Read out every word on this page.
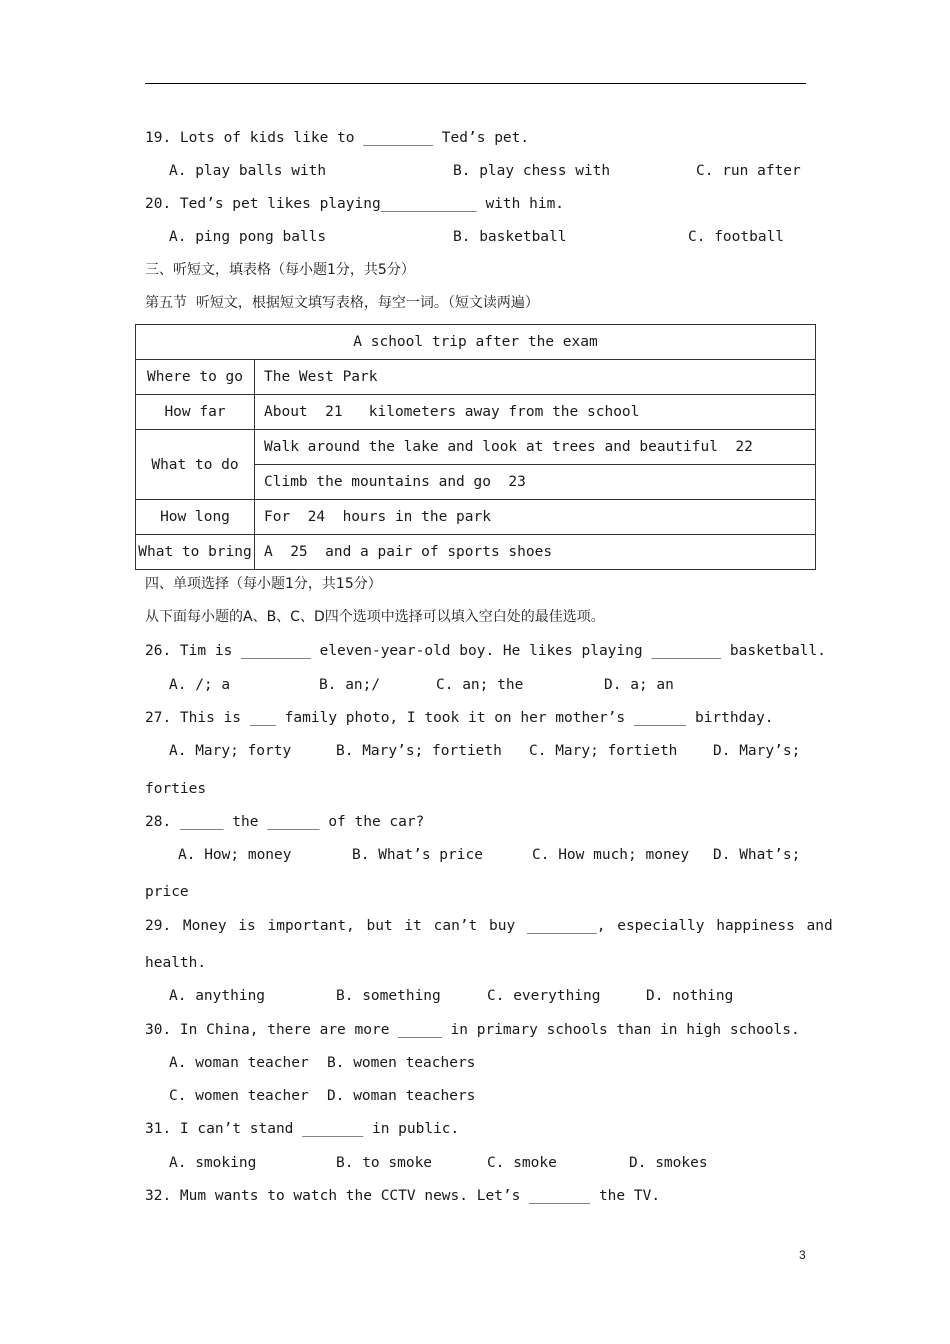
19. Lots of kids like to ________ Ted’s pet.
A. play balls with	B. play chess with	C. run after
20. Ted’s pet likes playing___________ with him.
A. ping pong balls	B. basketball	C. football
三、听短文，填表格（每小题1分，共5分）
第五节  听短文，根据短文填写表格，每空一词。（短文读两遍）
A school trip after the exam	
Where to go	The West Park
How far	About  21   kilometers away from the school
What to do	Walk around the lake and look at trees and beautiful  22
	Climb the mountains and go  23
How long	For  24  hours in the park
What to bring	A  25  and a pair of sports shoes
四、单项选择（每小题1分，共15分）
从下面每小题的A、B、C、D四个选项中选择可以填入空白处的最佳选项。
26. Tim is ________ eleven-year-old boy. He likes playing ________ basketball.
A. /; a	B. an;/	C. an; the	D. a; an
27. This is ___ family photo, I took it on her mother’s ______ birthday.
A. Mary; forty	B. Mary’s; fortieth C. Mary; fortieth D. Mary’s;
forties
28. _____ the ______ of the car?
A. How; money	B. What’s price	C. How much; money D. What’s;
price
29. Money is important, but it can’t buy ________, especially happiness and
health.
A. anything	B. something	C. everything	D. nothing
30. In China, there are more _____ in primary schools than in high schools.
A. woman teacher B. women teachers
C. women teacher D. woman teachers
31. I can’t stand _______ in public.
A. smoking	B. to smoke	C. smoke	D. smokes
32. Mum wants to watch the CCTV news. Let’s _______ the TV.
3
